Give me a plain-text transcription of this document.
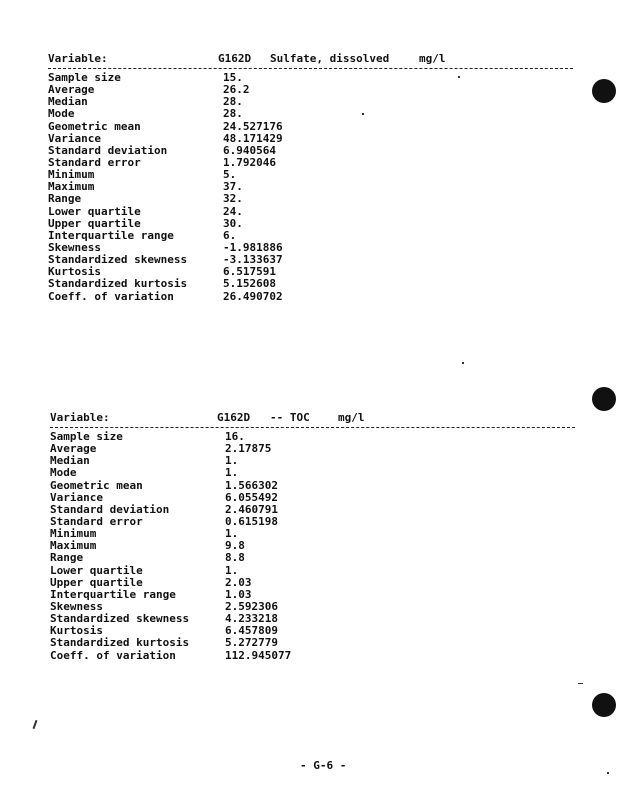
Variable:	G162D Sulfate, dissolved	mg/l
Sample size	15.
Average	26.2
Median	28.
Mode	28.
Geometric mean	24.527176
Variance	48.171429
Standard deviation	6.940564
Standard error	1.792046
Minimum	5.
Maximum	37.
Range	32.
Lower quartile	24.
Upper quartile	30.
Interquartile range	6.
Skewness	-1.981886
Standardized skewness	-3.133637
Kurtosis	6.517591
Standardized kurtosis	5.152608
Coeff. of variation	26.490702
Variable:	G162D -- TOC	mg/l
Sample size	16.
Average	2.17875
Median	1.
Mode	1.
Geometric mean	1.566302
Variance	6.055492
Standard deviation	2.460791
Standard error	0.615198
Minimum	1.
Maximum	9.8
Range	8.8
Lower quartile	1.
Upper quartile	2.03
Interquartile range	1.03
Skewness	2.592306
Standardized skewness	4.233218
Kurtosis	6.457809
Standardized kurtosis	5.272779
Coeff. of variation	112.945077
- G-6 -
